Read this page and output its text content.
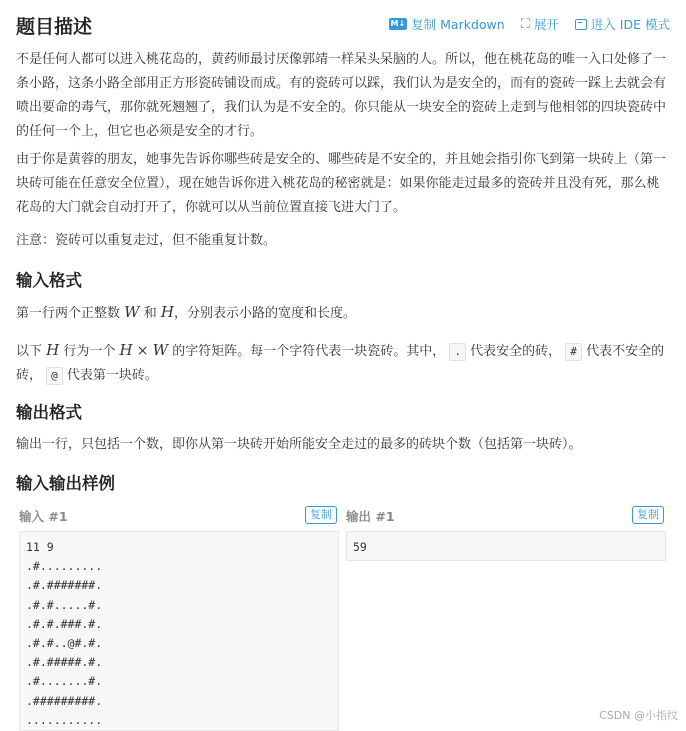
题目描述	M↓ 复制 Markdown ⛶ 展开	进入 IDE 模式

不是任何人都可以进入桃花岛的，黄药师最讨厌像郭靖一样呆头呆脑的人。所以，他在桃花岛的唯一入口处修了一条小路，这条小路全部用正方形瓷砖铺设而成。有的瓷砖可以踩，我们认为是安全的，而有的瓷砖一踩上去就会有喷出要命的毒气，那你就死翘翘了，我们认为是不安全的。你只能从一块安全的瓷砖上走到与他相邻的四块瓷砖中的任何一个上，但它也必须是安全的才行。

由于你是黄蓉的朋友，她事先告诉你哪些砖是安全的、哪些砖是不安全的，并且她会指引你飞到第一块砖上（第一块砖可能在任意安全位置），现在她告诉你进入桃花岛的秘密就是：如果你能走过最多的瓷砖并且没有死，那么桃花岛的大门就会自动打开了，你就可以从当前位置直接飞进大门了。

注意：瓷砖可以重复走过，但不能重复计数。

输入格式

第一行两个正整数 W 和 H，分别表示小路的宽度和长度。

以下 H 行为一个 H × W 的字符矩阵。每一个字符代表一块瓷砖。其中， . 代表安全的砖， # 代表不安全的砖， @ 代表第一块砖。

输出格式

输出一行，只包括一个数，即你从第一块砖开始所能安全走过的最多的砖块个数（包括第一块砖）。

输入输出样例
输入 #1	复制
11 9
.#.........
.#.#######.
.#.#.....#.
.#.#.###.#.
.#.#..@#.#.
.#.#####.#.
.#.......#.
.#########.
...........
输出 #1	复制
59
CSDN @小指纹
